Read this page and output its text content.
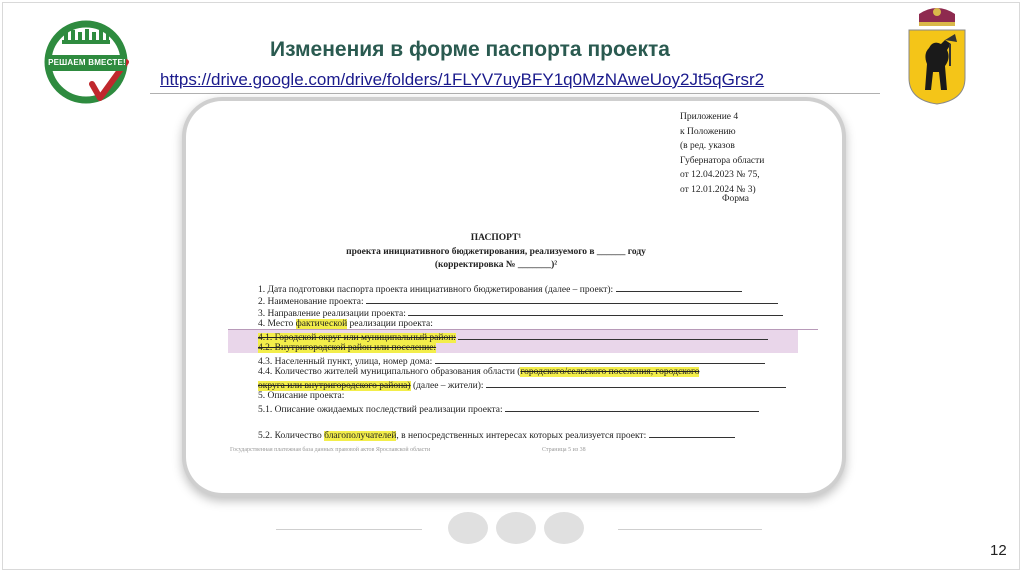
РЕШАЕМ ВМЕСТЕ!
Изменения в форме паспорта проекта

https://drive.google.com/drive/folders/1FLYV7uyBFY1q0MzNAweUoy2Jt5qGrsr2

Приложение 4
к Положению
(в ред. указов
Губернатора области
от 12.04.2023 № 75,
от 12.01.2024 № 3)
Форма
ПАСПОРТ¹
проекта инициативного бюджетирования, реализуемого в ______ году
(корректировка № _______)²
1. Дата подготовки паспорта проекта инициативного бюджетирования (далее – проект):
2. Наименование проекта:
3. Направление реализации проекта:
4. Место фактической реализации проекта:
4.1. Городской округ или муниципальный район:
4.2. Внутригородской район или поселение:
4.3. Населенный пункт, улица, номер дома:
4.4. Количество жителей муниципального образования области (городского/сельского поселения, городского
округа или внутригородского района) (далее – жители):
5. Описание проекта:
5.1. Описание ожидаемых последствий реализации проекта:
5.2. Количество благополучателей, в непосредственных интересах которых реализуется проект:
Государственная платежная база данных правовой актов Ярославской области	Страница 5 из 38

12
